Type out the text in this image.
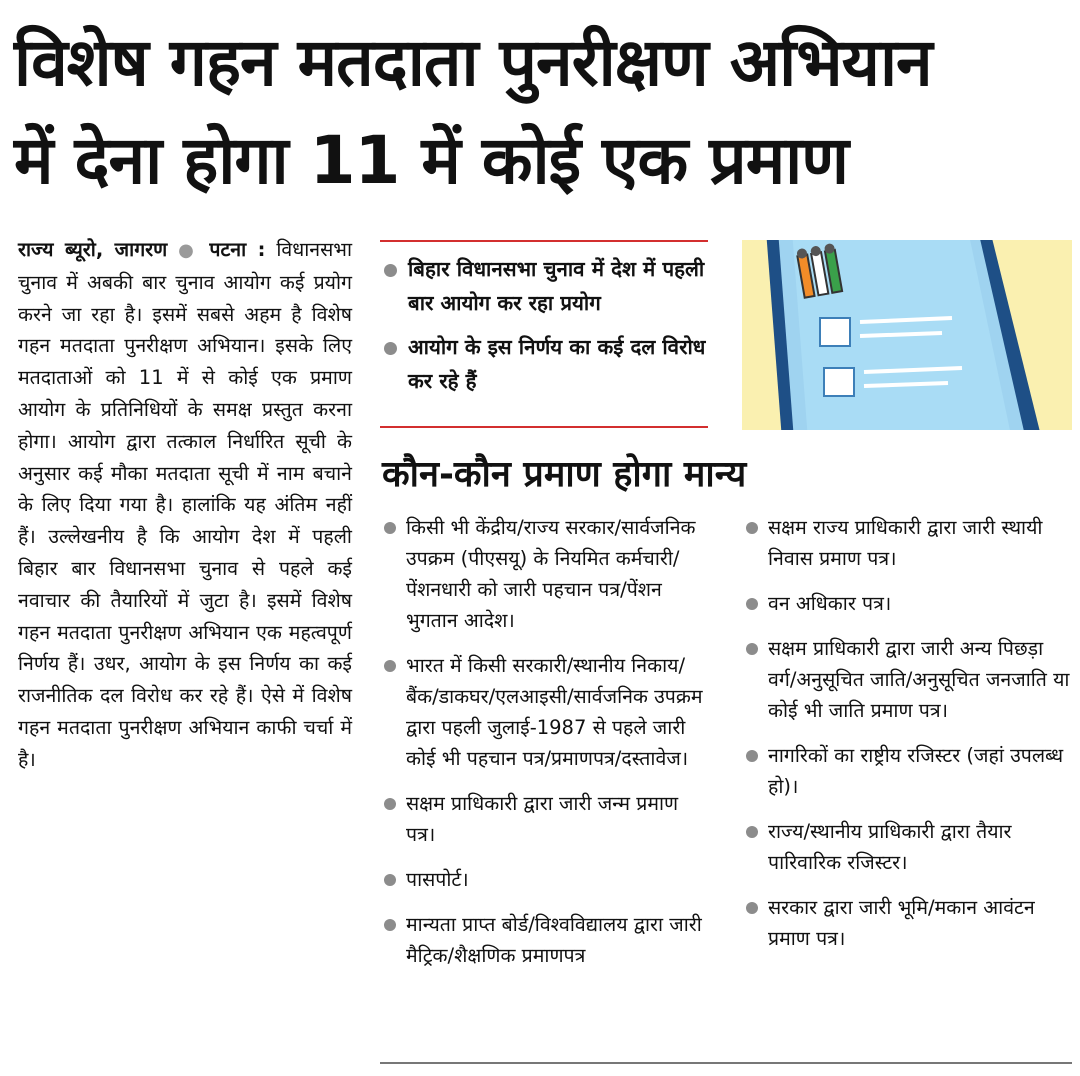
विशेष गहन मतदाता पुनरीक्षण अभियान
में देना होगा 11 में कोई एक प्रमाण
राज्य ब्यूरो, जागरण ● पटना : विधानसभा चुनाव में अबकी बार चुनाव आयोग कई प्रयोग करने जा रहा है। इसमें सबसे अहम है विशेष गहन मतदाता पुनरीक्षण अभियान। इसके लिए मतदाताओं को 11 में से कोई एक प्रमाण आयोग के प्रतिनिधियों के समक्ष प्रस्तुत करना होगा। आयोग द्वारा तत्काल निर्धारित सूची के अनुसार कई मौका मतदाता सूची में नाम बचाने के लिए दिया गया है। हालांकि यह अंतिम नहीं हैं। उल्लेखनीय है कि आयोग देश में पहली बिहार बार विधानसभा चुनाव से पहले कई नवाचार की तैयारियों में जुटा है। इसमें विशेष गहन मतदाता पुनरीक्षण अभियान एक महत्वपूर्ण निर्णय हैं। उधर, आयोग के इस निर्णय का कई राजनीतिक दल विरोध कर रहे हैं। ऐसे में विशेष गहन मतदाता पुनरीक्षण अभियान काफी चर्चा में है।
बिहार विधानसभा चुनाव में देश में पहली बार आयोग कर रहा प्रयोग
आयोग के इस निर्णय का कई दल विरोध कर रहे हैं
कौन-कौन प्रमाण होगा मान्य
किसी भी केंद्रीय/राज्य सरकार/सार्वजनिक उपक्रम (पीएसयू) के नियमित कर्मचारी/पेंशनधारी को जारी पहचान पत्र/पेंशन भुगतान आदेश।
भारत में किसी सरकारी/स्थानीय निकाय/बैंक/डाकघर/एलआइसी/सार्वजनिक उपक्रम द्वारा पहली जुलाई-1987 से पहले जारी कोई भी पहचान पत्र/प्रमाणपत्र/दस्तावेज।
सक्षम प्राधिकारी द्वारा जारी जन्म प्रमाण पत्र।
पासपोर्ट।
मान्यता प्राप्त बोर्ड/विश्वविद्यालय द्वारा जारी मैट्रिक/शैक्षणिक प्रमाणपत्र
सक्षम राज्य प्राधिकारी द्वारा जारी स्थायी निवास प्रमाण पत्र।
वन अधिकार पत्र।
सक्षम प्राधिकारी द्वारा जारी अन्य पिछड़ा वर्ग/अनुसूचित जाति/अनुसूचित जनजाति या कोई भी जाति प्रमाण पत्र।
नागरिकों का राष्ट्रीय रजिस्टर (जहां उपलब्ध हो)।
राज्य/स्थानीय प्राधिकारी द्वारा तैयार पारिवारिक रजिस्टर।
सरकार द्वारा जारी भूमि/मकान आवंटन प्रमाण पत्र।
